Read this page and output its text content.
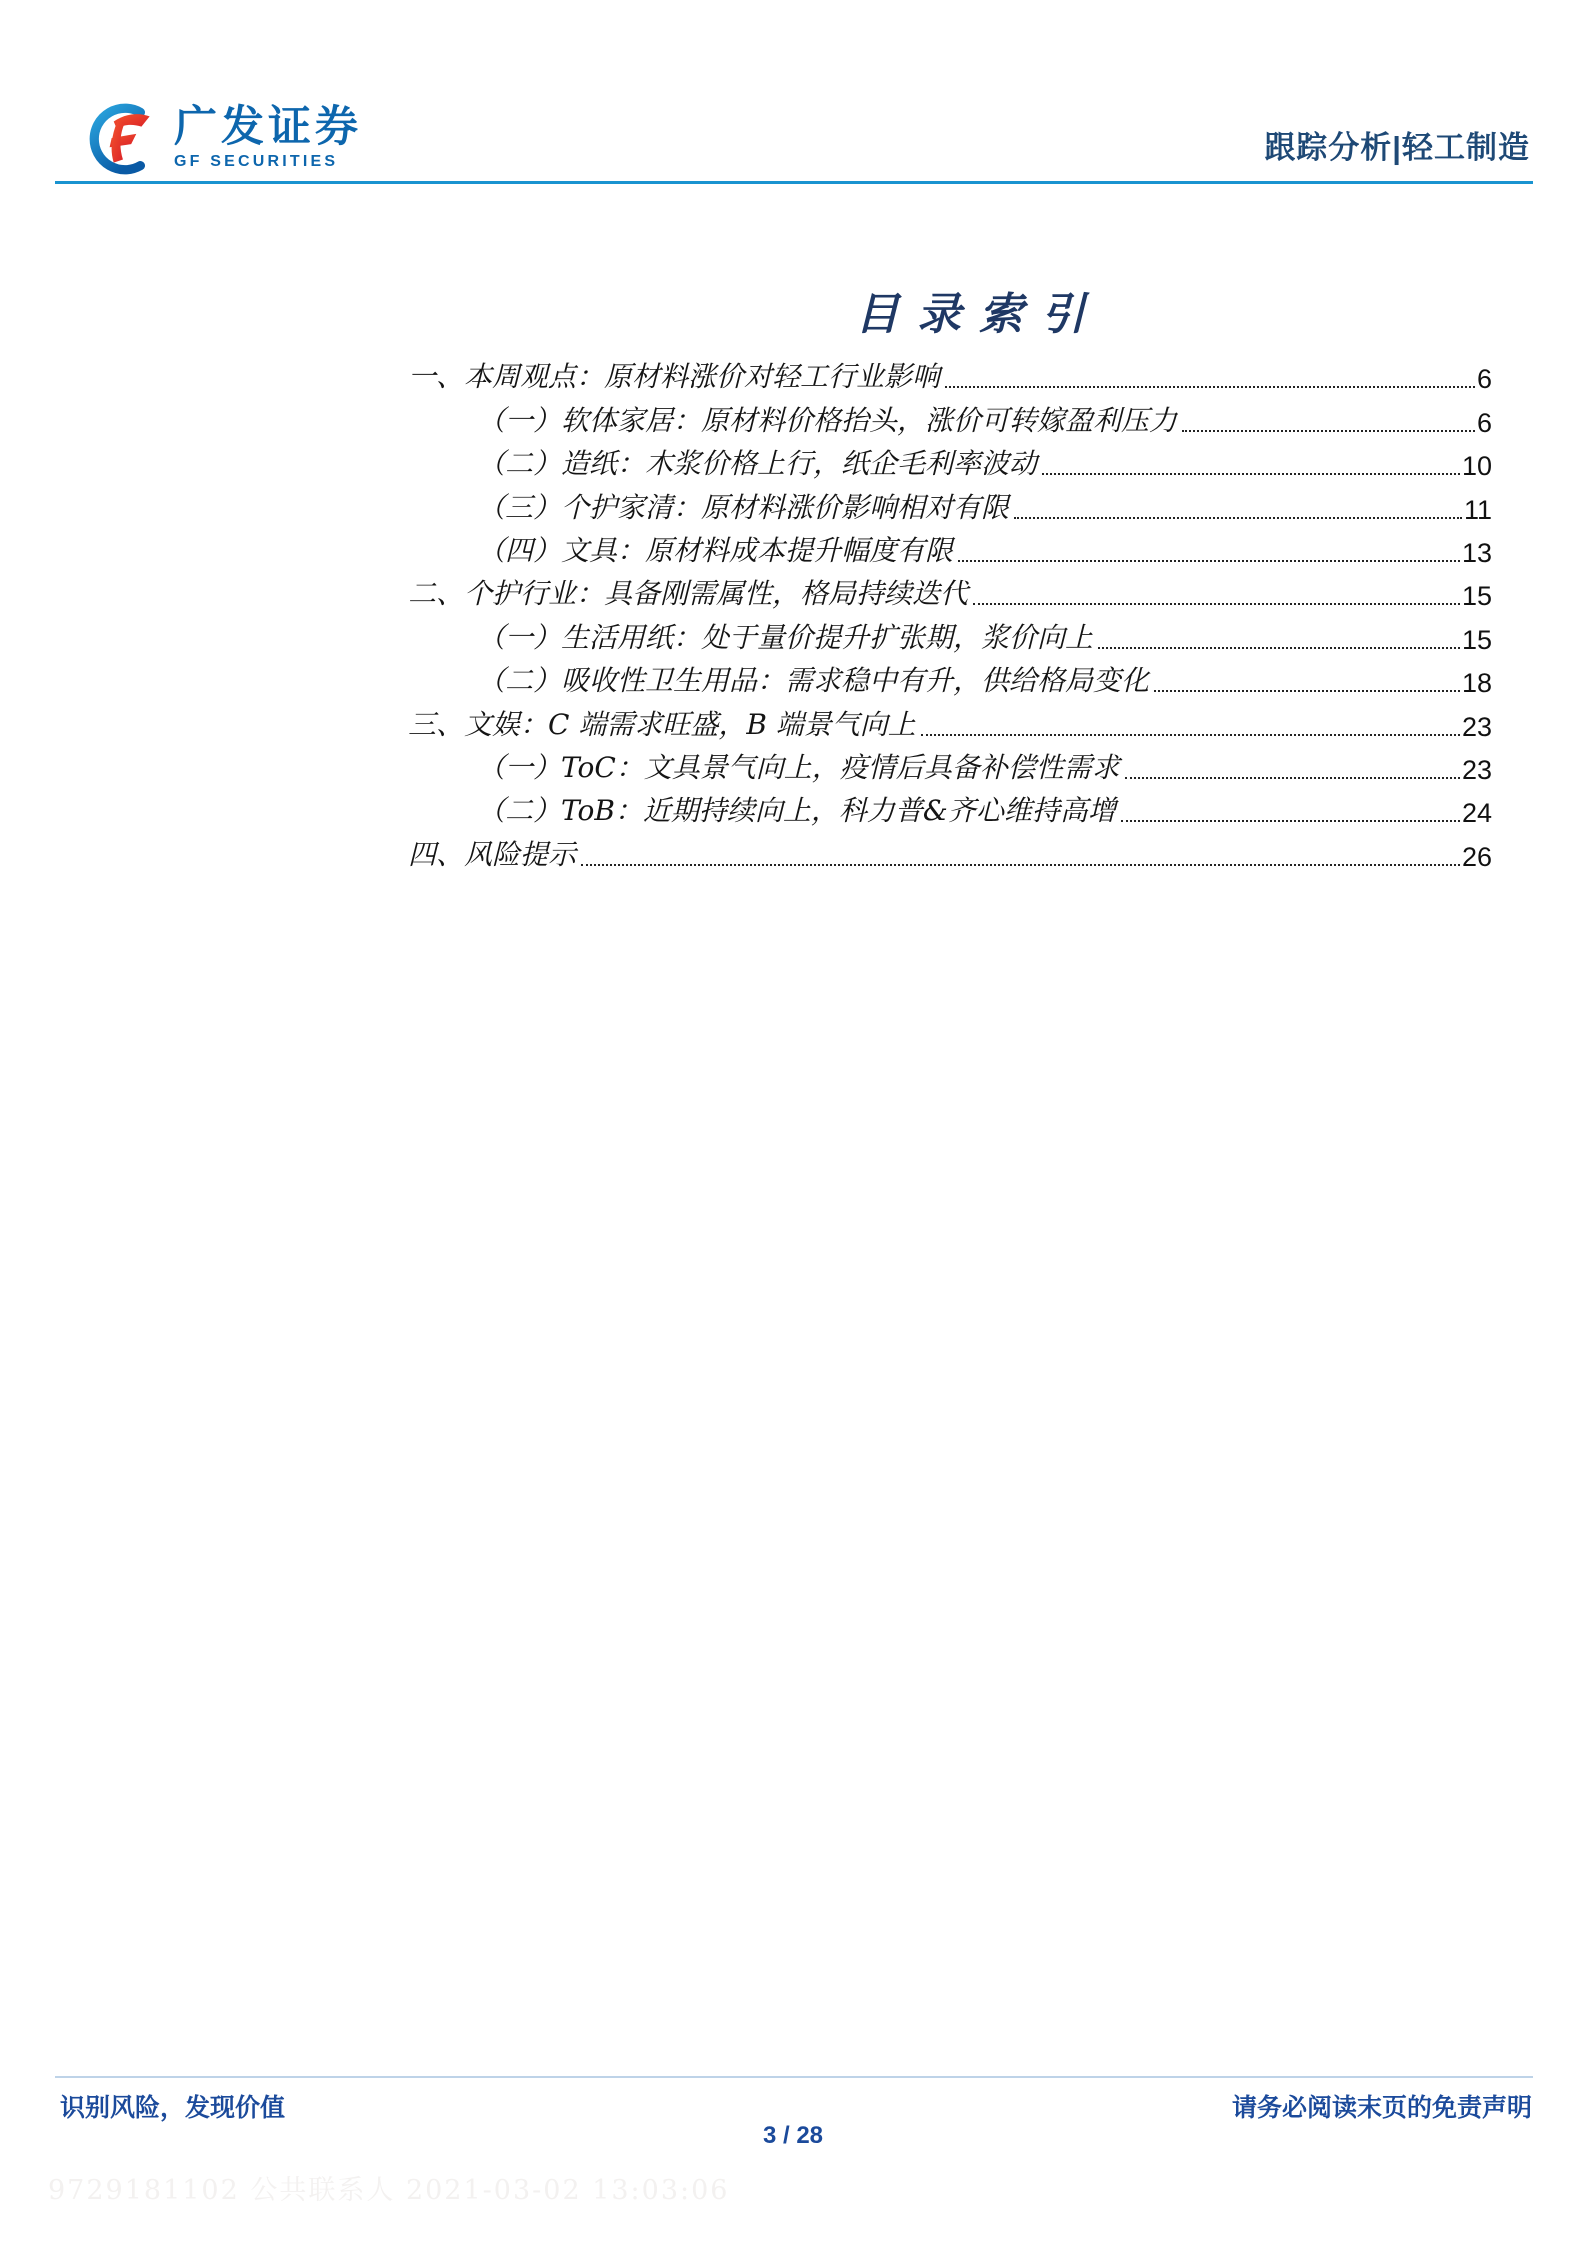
广发证券
GF SECURITIES	跟踪分析|轻工制造
目录索引
一、本周观点：原材料涨价对轻工行业影响	6
（一）软体家居：原材料价格抬头，涨价可转嫁盈利压力	6
（二）造纸：木浆价格上行，纸企毛利率波动	10
（三）个护家清：原材料涨价影响相对有限	11
（四）文具：原材料成本提升幅度有限	13
二、个护行业：具备刚需属性，格局持续迭代	15
（一）生活用纸：处于量价提升扩张期，浆价向上	15
（二）吸收性卫生用品：需求稳中有升，供给格局变化	18
三、文娱：C 端需求旺盛，B 端景气向上	23
（一）ToC：文具景气向上，疫情后具备补偿性需求	23
（二）ToB：近期持续向上，科力普&齐心维持高增	24
四、风险提示	26
识别风险，发现价值	请务必阅读末页的免责声明
3 / 28
9729181102 公共联系人 2021-03-02 13:03:06
